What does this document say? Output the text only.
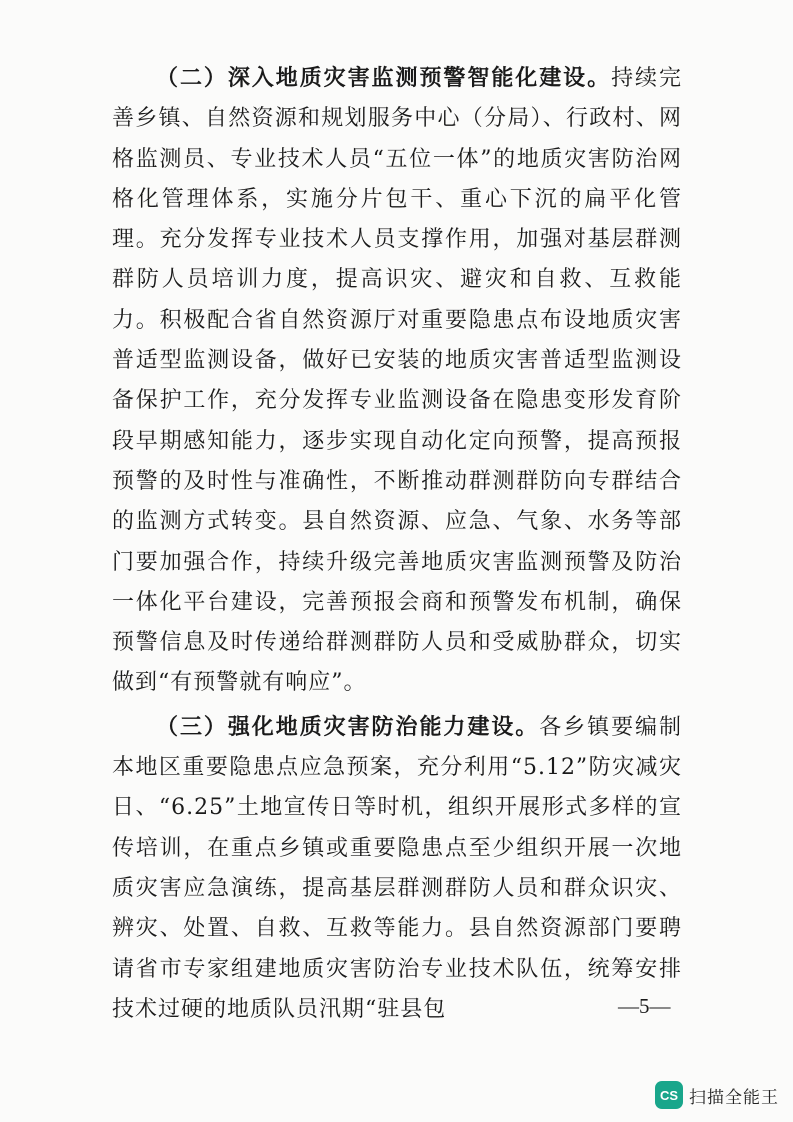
（二）深入地质灾害监测预警智能化建设。持续完善乡镇、自然资源和规划服务中心（分局）、行政村、网格监测员、专业技术人员“五位一体”的地质灾害防治网格化管理体系，实施分片包干、重心下沉的扁平化管理。充分发挥专业技术人员支撑作用，加强对基层群测群防人员培训力度，提高识灾、避灾和自救、互救能力。积极配合省自然资源厅对重要隐患点布设地质灾害普适型监测设备，做好已安装的地质灾害普适型监测设备保护工作，充分发挥专业监测设备在隐患变形发育阶段早期感知能力，逐步实现自动化定向预警，提高预报预警的及时性与准确性，不断推动群测群防向专群结合的监测方式转变。县自然资源、应急、气象、水务等部门要加强合作，持续升级完善地质灾害监测预警及防治一体化平台建设，完善预报会商和预警发布机制，确保预警信息及时传递给群测群防人员和受威胁群众，切实做到“有预警就有响应”。

（三）强化地质灾害防治能力建设。各乡镇要编制本地区重要隐患点应急预案，充分利用“5.12”防灾减灾日、“6.25”土地宣传日等时机，组织开展形式多样的宣传培训，在重点乡镇或重要隐患点至少组织开展一次地质灾害应急演练，提高基层群测群防人员和群众识灾、辨灾、处置、自救、互救等能力。县自然资源部门要聘请省市专家组建地质灾害防治专业技术队伍，统筹安排技术过硬的地质队员汛期“驻县包	—5—
CS 扫描全能王
